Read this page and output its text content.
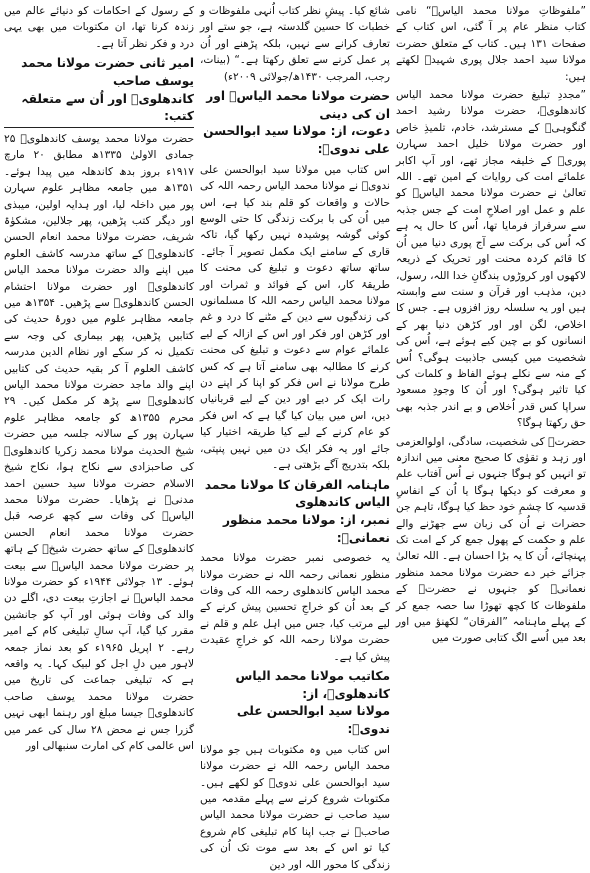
”ملفوظاتِ مولانا محمد الیاسؒ“ نامی کتاب منظر عام پر آ گئی، اس کتاب کے صفحات ۱۳۱ ہیں۔ کتاب کے متعلق حضرت مولانا سید احمد جلال پوری شہیدؒ لکھتے ہیں:

”مجددِ تبلیغ حضرت مولانا محمد الیاس کاندھلویؒ، حضرت مولانا رشید احمد گنگوہیؒ کے مسترشد، خادم، تلمیذِ خاص اور حضرت مولانا خلیل احمد سہارن پوریؒ کے خلیفہ مجاز تھے، اور آپ اکابر علمائے امت کی روایات کے امین تھے۔ اللہ تعالیٰ نے حضرت مولانا محمد الیاسؒ کو علم و عمل اور اصلاحِ امت کے جس جذبہ سے سرفراز فرمایا تھا، اُس کا حال یہ ہے کہ اُس کی برکت سے آج پوری دنیا میں اُن کا قائم کردہ محنت اور تحریک کے ذریعہ لاکھوں اور کروڑوں بندگانِ خدا اللہ، رسول، دین، مذہب اور قرآن و سنت سے وابستہ ہیں اور یہ سلسلہ روز افزوں ہے۔ جس کا اخلاص، لگن اور اور کڑھن دنیا بھر کے انسانوں کو بے چین کیے ہوئے ہے، اُس کی شخصیت میں کیسی جاذبیت ہوگی؟ اُس کے منہ سے نکلے ہوئے الفاظ و کلمات کی کیا تاثیر ہوگی؟ اور اُن کا وجودِ مسعود سراپا کس قدر اُخلاص و بے اندر جذبہ بھی حق رکھتا ہوگا؟

حضرتؒ کی شخصیت، سادگی، اولوالعزمی اور زہد و تقوٰی کا صحیح معنی میں اندازہ تو انہیں کو ہوگا جنہوں نے اُس آفتاب علم و معرفت کو دیکھا ہوگا یا اُن کے انفاسِ قدسیہ کا چشمِ خود حظ کیا ہوگا، تاہم جن حضرات نے اُن کی زبان سے جھڑنے والے علم و حکمت کے پھول جمع کر کے امت تک پہنچائے، اُن کا یہ بڑا احسان ہے۔ اللہ تعالیٰ جزائے خیر دے حضرت مولانا محمد منظور نعمانیؒ کو جنہوں نے حضرتؒ کے ملفوظات کا کچھ تھوڑا سا حصہ جمع کر کے پہلے ماہنامہ ”الفرقان“ لکھنؤ میں اور بعد میں اُسے الگ کتابی صورت میں

شائع کیا۔ پیشِ نظر کتاب اُنہی ملفوظات و خطبات کا حسین گلدستہ ہے، جو ستے اور تعارف کرانے سے نہیں، بلکہ پڑھنے اور اُن پر عمل کرنے سے تعلق رکھتا ہے۔“ (بینات، رجب، المرجب ۱۴۳۰ھ/جولائی ۲۰۰۹ء)

حضرت مولانا محمد الیاسؒ اور ان کی دینی
دعوت، از: مولانا سید ابوالحسن علی ندویؒ:

اس کتاب میں مولانا سید ابوالحسن علی ندویؒ نے مولانا محمد الیاس رحمہ اللہ کی حالات و واقعات کو قلم بند کیا ہے، اس میں اُن کی با برکت زندگی کا حتی الوسع کوئی گوشہ پوشیدہ نہیں رکھا گیا، تاکہ قاری کے سامنے ایک مکمل تصویر آ جائے۔ ساتھ ساتھ دعوت و تبلیغ کی محنت کا طریقۂ کار، اس کے فوائد و ثمرات اور مولانا محمد الیاس رحمہ اللہ کا مسلمانوں کی زندگیوں سے دین کے مٹنے کا درد و غم اور کڑھن اور فکر اور اس کے ازالہ کے لیے علمائے عوام سے دعوت و تبلیغ کی محنت کرنے کا مطالبہ بھی سامنے آتا ہے کہ کس طرح مولانا نے اس فکر کو اپنا کر اپنے دن رات ایک کر دیے اور دین کے لیے قربانیاں دیں، اس میں بیان کیا گیا ہے کہ اس فکر کو عام کرنے کے لیے کیا طریقہ اختیار کیا جائے اور یہ فکر ایک دن میں نہیں پنپتی، بلکہ بتدریج آگے بڑھتی ہے۔

ماہنامہ الفرقان کا مولانا محمد الیاس کاندھلوی
نمبر، از: مولانا محمد منظور نعمانیؒ:

یہ خصوصی نمبر حضرت مولانا محمد منظور نعمانی رحمہ اللہ نے حضرت مولانا محمد الیاس کاندھلوی رحمہ اللہ کی وفات کے بعد اُن کو خراجِ تحسین پیش کرنے کے لیے مرتب کیا، جس میں اہل علم و قلم نے حضرت مولانا رحمہ اللہ کو خراجِ عقیدت پیش کیا ہے۔

مکاتیب مولانا محمد الیاس کاندھلویؒ، از:
مولانا سید ابوالحسن علی ندویؒ:

اس کتاب میں وہ مکتوبات ہیں جو مولانا محمد الیاس رحمہ اللہ نے حضرت مولانا سید ابوالحسن علی ندویؒ کو لکھے ہیں۔ مکتوبات شروع کرنے سے پہلے مقدمہ میں سید صاحب نے حضرت مولانا محمد الیاس صاحبؒ نے جب اپنا کام تبلیغی کام شروع کیا تو اس کے بعد سے موت تک اُن کی زندگی کا محور اللہ اور دین

کے رسول کے احکامات کو دنیائے عالم میں زندہ کرنا تھا، ان مکتوبات میں بھی یہی درد و فکر نظر آتا ہے۔

امیر ثانی حضرت مولانا محمد یوسف صاحب
کاندھلویؒ اور اُن سے متعلقہ کتب:

حضرت مولانا محمد یوسف کاندھلویؒ ۲۵ جمادی الاولیٰ ۱۳۳۵ھ مطابق ۲۰ مارچ ۱۹۱۷ء بروز بدھ کاندھلہ میں پیدا ہوئے۔ ۱۳۵۱ھ میں جامعہ مظاہر علوم سہارن پور میں داخلہ لیا، اور ہدایہ اولین، میبذی اور دیگر کتب پڑھیں، پھر جلالین، مشکوٰۃ شریف، حضرت مولانا محمد انعام الحسن کاندھلویؒ کے ساتھ مدرسہ کاشف العلوم میں اپنے والد حضرت مولانا محمد الیاس کاندھلویؒ اور حضرت مولانا احتشام الحسن کاندھلویؒ سے پڑھیں۔ ۱۳۵۴ھ میں جامعہ مظاہر علوم میں دورۂ حدیث کی کتابیں پڑھیں، پھر بیماری کی وجہ سے تکمیل نہ کر سکے اور نظام الدین مدرسہ کاشف العلوم آ کر بقیہ حدیث کی کتابیں اپنے والد ماجد حضرت مولانا محمد الیاس کاندھلویؒ سے پڑھ کر مکمل کیں۔ ۲۹ محرم ۱۳۵۵ھ کو جامعہ مظاہر علوم سہارن پور کے سالانہ جلسہ میں حضرت شیخ الحدیث مولانا محمد زکریا کاندھلویؒ کی صاحبزادی سے نکاح ہوا، نکاح شیخ الاسلام حضرت مولانا سید حسین احمد مدنیؒ نے پڑھایا۔ حضرت مولانا محمد الیاسؒ کی وفات سے کچھ عرصہ قبل حضرت مولانا محمد انعام الحسن کاندھلویؒ کے ساتھ حضرت شیخؒ کے ہاتھ پر حضرت مولانا محمد الیاسؒ سے بیعت ہوئے۔ ۱۳ جولائی ۱۹۴۴ء کو حضرت مولانا محمد الیاسؒ نے اجازتِ بیعت دی، اگلے دن والد کی وفات ہوئی اور آپ کو جانشین مقرر کیا گیا، آپ سالِ تبلیغی کام کے امیر رہے۔ ۲ اپریل ۱۹۶۵ء کو بعد نماز جمعہ لاہور میں دلِ اجل کو لبیک کہا۔ یہ واقعہ ہے کہ تبلیغی جماعت کی تاریخ میں حضرت مولانا محمد یوسف صاحب کاندھلویؒ جیسا مبلغ اور رہنما ابھی نہیں گزرا جس نے محض ۲۸ سال کی عمر میں اس عالمی کام کی امارت سنبھالی اور
